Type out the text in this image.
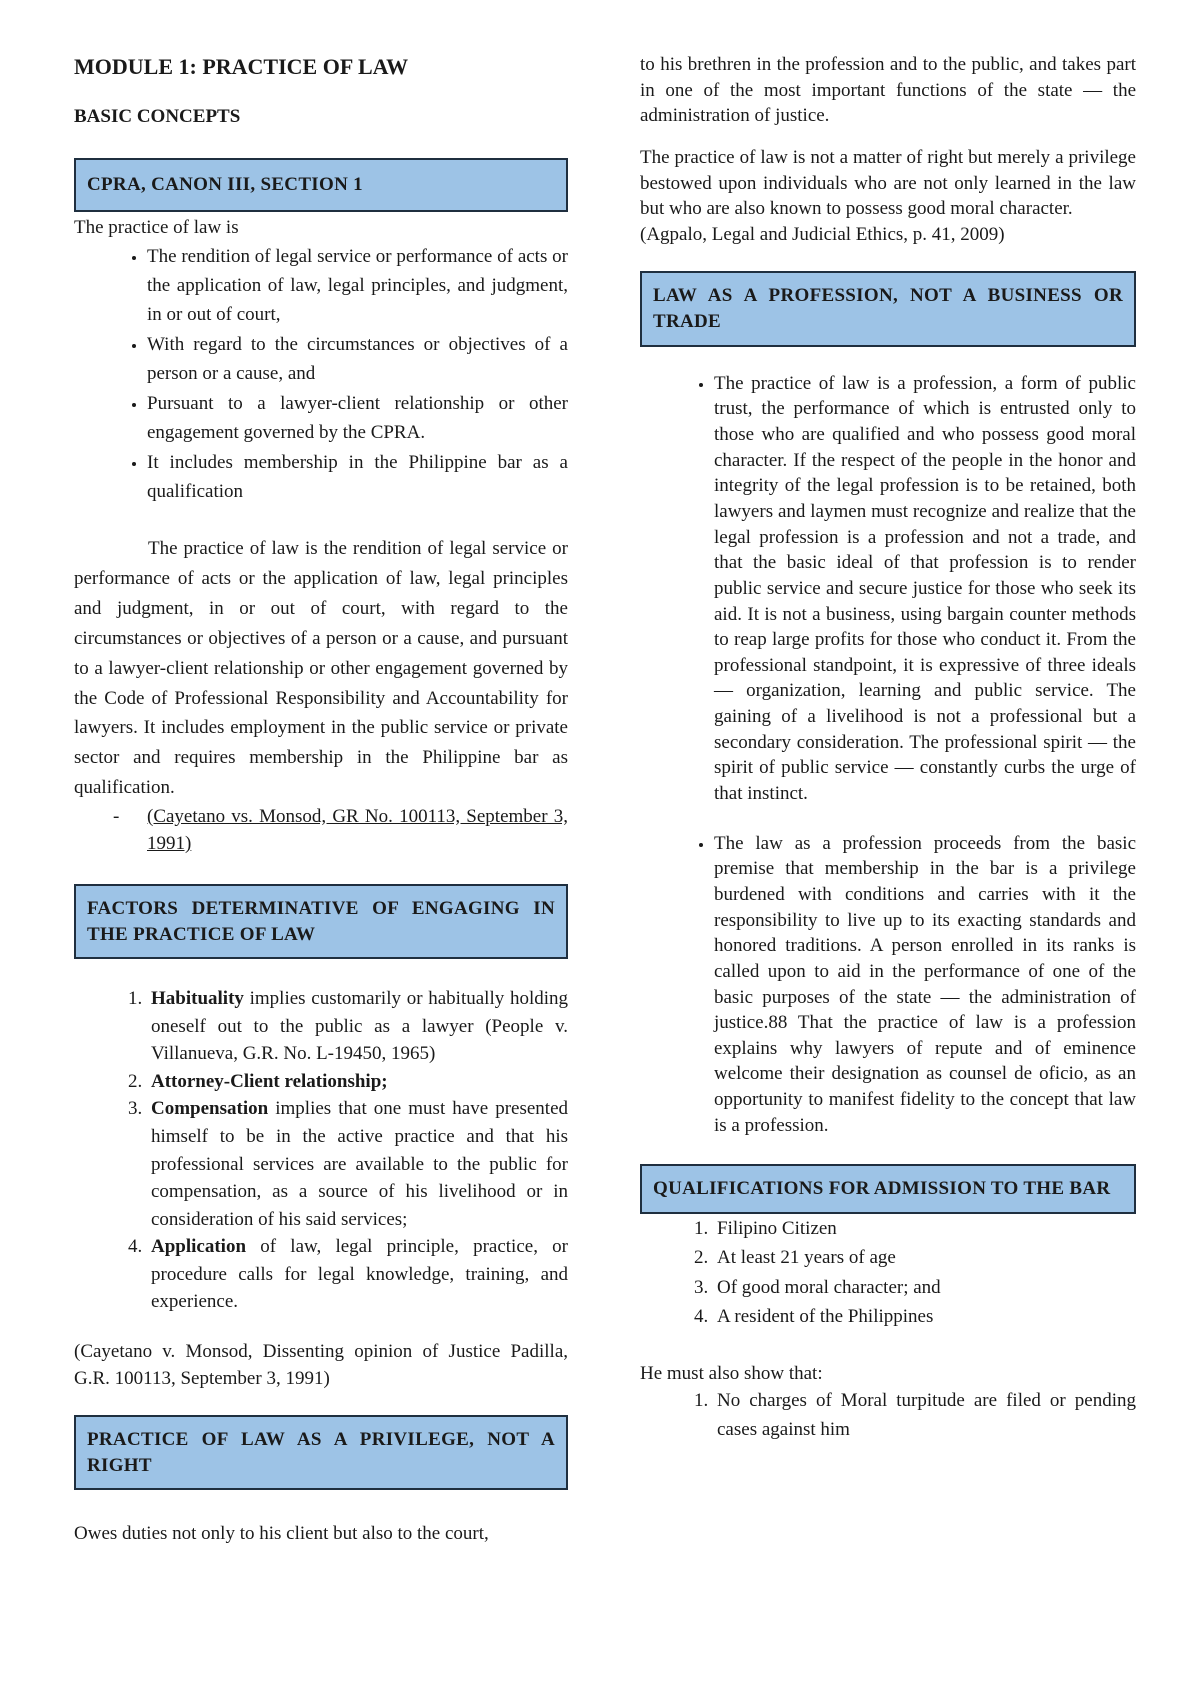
MODULE 1: PRACTICE OF LAW
BASIC CONCEPTS
CPRA, CANON III, SECTION 1

The practice of law is

• The rendition of legal service or performance of acts or the application of law, legal principles, and judgment, in or out of court,
• With regard to the circumstances or objectives of a person or a cause, and
• Pursuant to a lawyer-client relationship or other engagement governed by the CPRA.
• It includes membership in the Philippine bar as a qualification

The practice of law is the rendition of legal service or performance of acts or the application of law, legal principles and judgment, in or out of court, with regard to the circumstances or objectives of a person or a cause, and pursuant to a lawyer-client relationship or other engagement governed by the Code of Professional Responsibility and Accountability for lawyers. It includes employment in the public service or private sector and requires membership in the Philippine bar as qualification.

- (Cayetano vs. Monsod, GR No. 100113, September 3, 1991)
FACTORS DETERMINATIVE OF ENGAGING IN THE PRACTICE OF LAW
1. Habituality implies customarily or habitually holding oneself out to the public as a lawyer (People v. Villanueva, G.R. No. L-19450, 1965)
2. Attorney-Client relationship;
3. Compensation implies that one must have presented himself to be in the active practice and that his professional services are available to the public for compensation, as a source of his livelihood or in consideration of his said services;
4. Application of law, legal principle, practice, or procedure calls for legal knowledge, training, and experience.

(Cayetano v. Monsod, Dissenting opinion of Justice Padilla, G.R. 100113, September 3, 1991)

PRACTICE OF LAW AS A PRIVILEGE, NOT A RIGHT

Owes duties not only to his client but also to the court,

to his brethren in the profession and to the public, and takes part in one of the most important functions of the state — the administration of justice.

The practice of law is not a matter of right but merely a privilege bestowed upon individuals who are not only learned in the law but who are also known to possess good moral character.

(Agpalo, Legal and Judicial Ethics, p. 41, 2009)

LAW AS A PROFESSION, NOT A BUSINESS OR TRADE
• The practice of law is a profession, a form of public trust, the performance of which is entrusted only to those who are qualified and who possess good moral character. If the respect of the people in the honor and integrity of the legal profession is to be retained, both lawyers and laymen must recognize and realize that the legal profession is a profession and not a trade, and that the basic ideal of that profession is to render public service and secure justice for those who seek its aid. It is not a business, using bargain counter methods to reap large profits for those who conduct it. From the professional standpoint, it is expressive of three ideals — organization, learning and public service. The gaining of a livelihood is not a professional but a secondary consideration. The professional spirit — the spirit of public service — constantly curbs the urge of that instinct.
• The law as a profession proceeds from the basic premise that membership in the bar is a privilege burdened with conditions and carries with it the responsibility to live up to its exacting standards and honored traditions. A person enrolled in its ranks is called upon to aid in the performance of one of the basic purposes of the state — the administration of justice.88 That the practice of law is a profession explains why lawyers of repute and of eminence welcome their designation as counsel de oficio, as an opportunity to manifest fidelity to the concept that law is a profession.
QUALIFICATIONS FOR ADMISSION TO THE BAR
1. Filipino Citizen
2. At least 21 years of age
3. Of good moral character; and
4. A resident of the Philippines

He must also show that:

1. No charges of Moral turpitude are filed or pending cases against him
